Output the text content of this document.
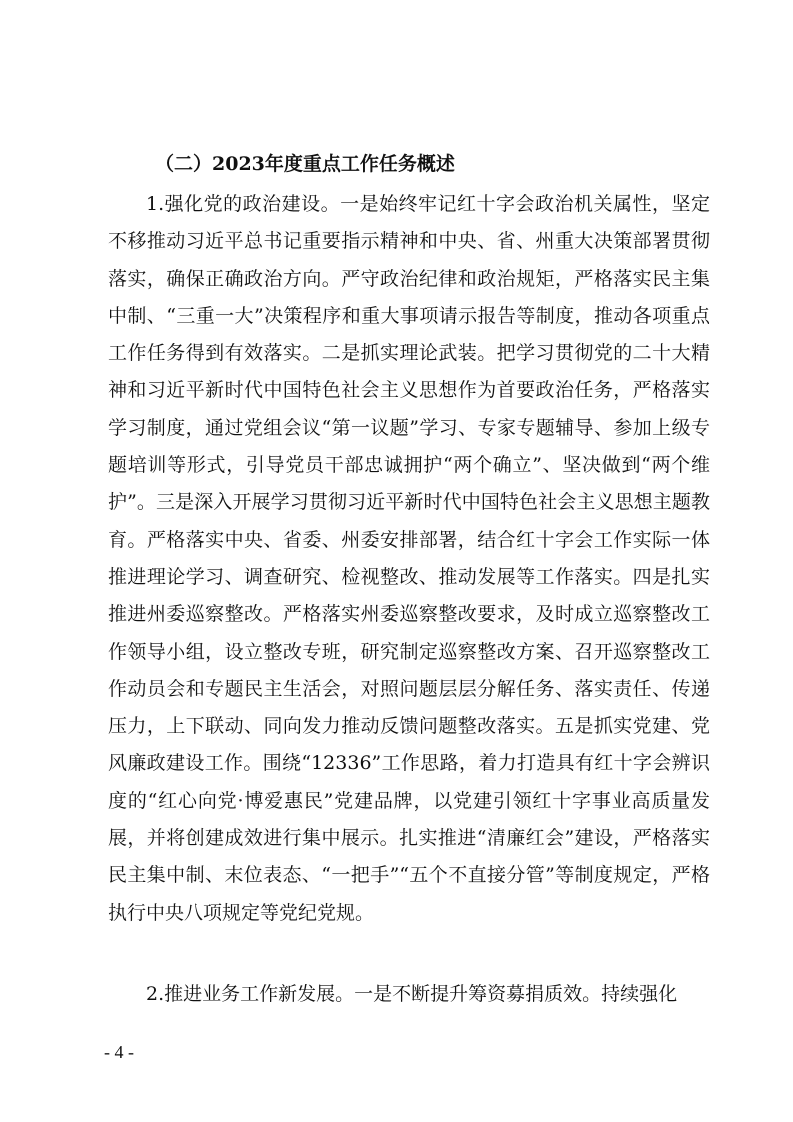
（二）2023年度重点工作任务概述

1.强化党的政治建设。一是始终牢记红十字会政治机关属性，坚定不移推动习近平总书记重要指示精神和中央、省、州重大决策部署贯彻落实，确保正确政治方向。严守政治纪律和政治规矩，严格落实民主集中制、“三重一大”决策程序和重大事项请示报告等制度，推动各项重点工作任务得到有效落实。二是抓实理论武装。把学习贯彻党的二十大精神和习近平新时代中国特色社会主义思想作为首要政治任务，严格落实学习制度，通过党组会议“第一议题”学习、专家专题辅导、参加上级专题培训等形式，引导党员干部忠诚拥护“两个确立”、坚决做到“两个维护”。三是深入开展学习贯彻习近平新时代中国特色社会主义思想主题教育。严格落实中央、省委、州委安排部署，结合红十字会工作实际一体推进理论学习、调查研究、检视整改、推动发展等工作落实。四是扎实推进州委巡察整改。严格落实州委巡察整改要求，及时成立巡察整改工作领导小组，设立整改专班，研究制定巡察整改方案、召开巡察整改工作动员会和专题民主生活会，对照问题层层分解任务、落实责任、传递压力，上下联动、同向发力推动反馈问题整改落实。五是抓实党建、党风廉政建设工作。围绕“12336”工作思路，着力打造具有红十字会辨识度的“红心向党·博爱惠民”党建品牌，以党建引领红十字事业高质量发展，并将创建成效进行集中展示。扎实推进“清廉红会”建设，严格落实民主集中制、末位表态、“一把手”“五个不直接分管”等制度规定，严格执行中央八项规定等党纪党规。

2.推进业务工作新发展。一是不断提升筹资募捐质效。持续强化

- 4 -
